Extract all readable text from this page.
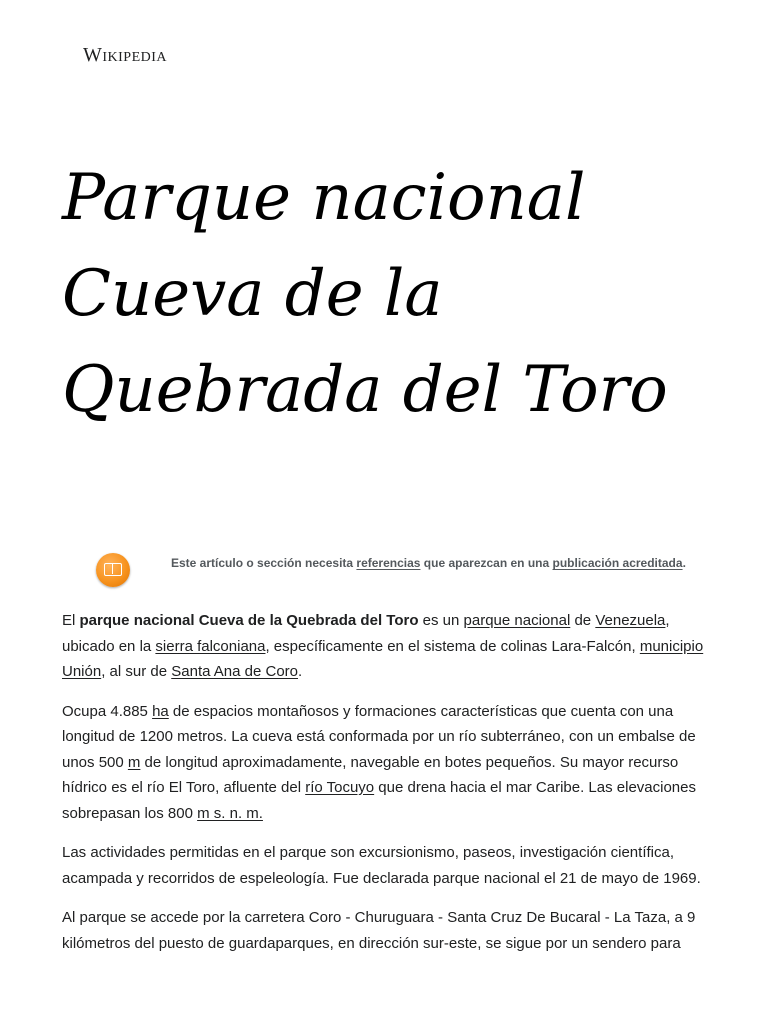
Wikipedia
Parque nacional Cueva de la Quebrada del Toro
Este artículo o sección necesita referencias que aparezcan en una publicación acreditada.

El parque nacional Cueva de la Quebrada del Toro es un parque nacional de Venezuela, ubicado en la sierra falconiana, específicamente en el sistema de colinas Lara-Falcón, municipio Unión, al sur de Santa Ana de Coro.

Ocupa 4.885 ha de espacios montañosos y formaciones características que cuenta con una longitud de 1200 metros. La cueva está conformada por un río subterráneo, con un embalse de unos 500 m de longitud aproximadamente, navegable en botes pequeños. Su mayor recurso hídrico es el río El Toro, afluente del río Tocuyo que drena hacia el mar Caribe. Las elevaciones sobrepasan los 800 m s. n. m.

Las actividades permitidas en el parque son excursionismo, paseos, investigación científica, acampada y recorridos de espeleología. Fue declarada parque nacional el 21 de mayo de 1969.

Al parque se accede por la carretera Coro - Churuguara - Santa Cruz De Bucaral - La Taza, a 9 kilómetros del puesto de guardaparques, en dirección sur-este, se sigue por un sendero para
